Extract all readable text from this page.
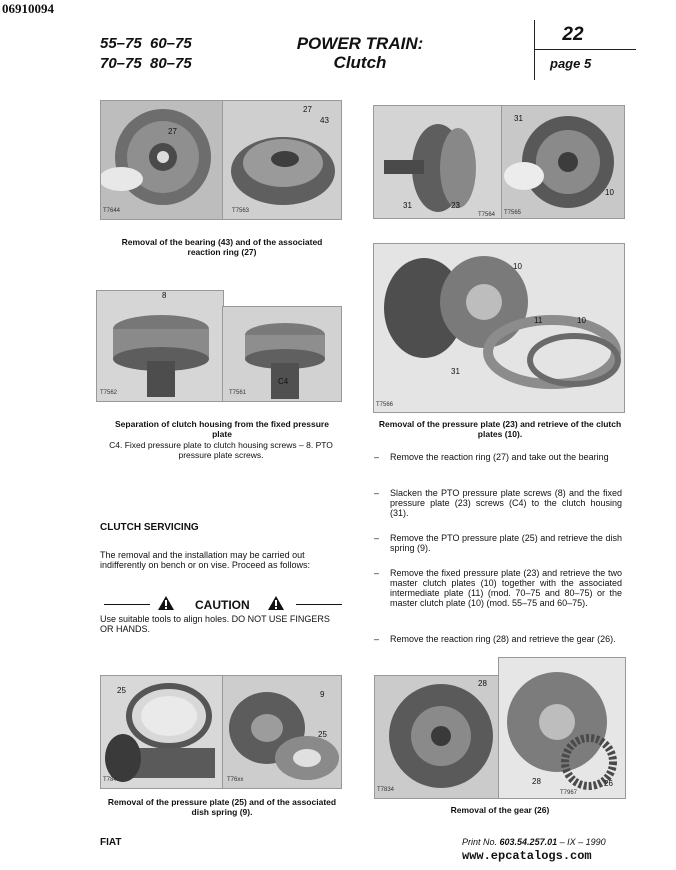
06910094
55–75 60–75
70–75 80–75
POWER TRAIN:
Clutch
22
page 5
27
T7644
27
43
T7563
Removal of the bearing (43) and of the associated reaction ring (27)
8
T7562
C4
T7561
Separation of clutch housing from the fixed pressure plate
C4. Fixed pressure plate to clutch housing screws – 8. PTO pressure plate screws.
CLUTCH SERVICING
The removal and the installation may be carried out indifferently on bench or on vise. Proceed as follows:
CAUTION
Use suitable tools to align holes. DO NOT USE FINGERS OR HANDS.
25
T7841
9
25
T76xx
Removal of the pressure plate (25) and of the associated dish spring (9).
31	23
T7564
31
10
T7565
10
11	10
31
T7566
Removal of the pressure plate (23) and retrieve of the clutch plates (10).
– Remove the reaction ring (27) and take out the bearing
– Slacken the PTO pressure plate screws (8) and the fixed pressure plate (23) screws (C4) to the clutch housing (31).
– Remove the PTO pressure plate (25) and retrieve the dish spring (9).
– Remove the fixed pressure plate (23) and retrieve the two master clutch plates (10) together with the associated intermediate plate (11) (mod. 70–75 and 80–75) or the master clutch plate (10) (mod. 55–75 and 60–75).
– Remove the reaction ring (28) and retrieve the gear (26).
28
T7834
28	26
T7967
Removal of the gear (26)
FIAT	Print No. 603.54.257.01 – IX – 1990
www.epcatalogs.com
